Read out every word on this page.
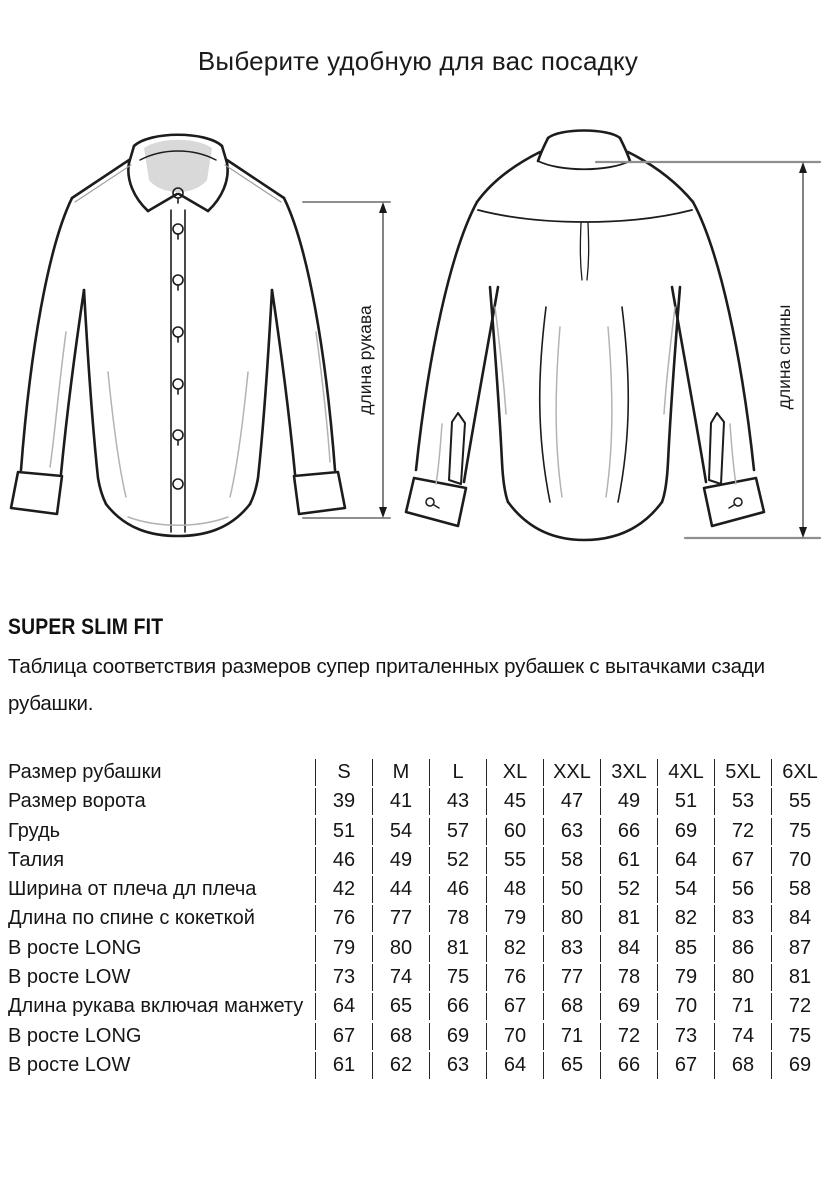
Выберите удобную для вас посадку
длина рукава	длина спины
SUPER SLIM FIT
Таблица соответствия размеров супер приталенных рубашек с вытачками сзади рубашки.
Размер рубашки	S	M	L	XL	XXL	3XL	4XL	5XL	6XL
Размер ворота	39	41	43	45	47	49	51	53	55
Грудь	51	54	57	60	63	66	69	72	75
Талия	46	49	52	55	58	61	64	67	70
Ширина от плеча дл плеча	42	44	46	48	50	52	54	56	58
Длина по спине с кокеткой	76	77	78	79	80	81	82	83	84
В росте LONG	79	80	81	82	83	84	85	86	87
В росте LOW	73	74	75	76	77	78	79	80	81
Длина рукава включая манжету	64	65	66	67	68	69	70	71	72
В росте LONG	67	68	69	70	71	72	73	74	75
В росте LOW	61	62	63	64	65	66	67	68	69
